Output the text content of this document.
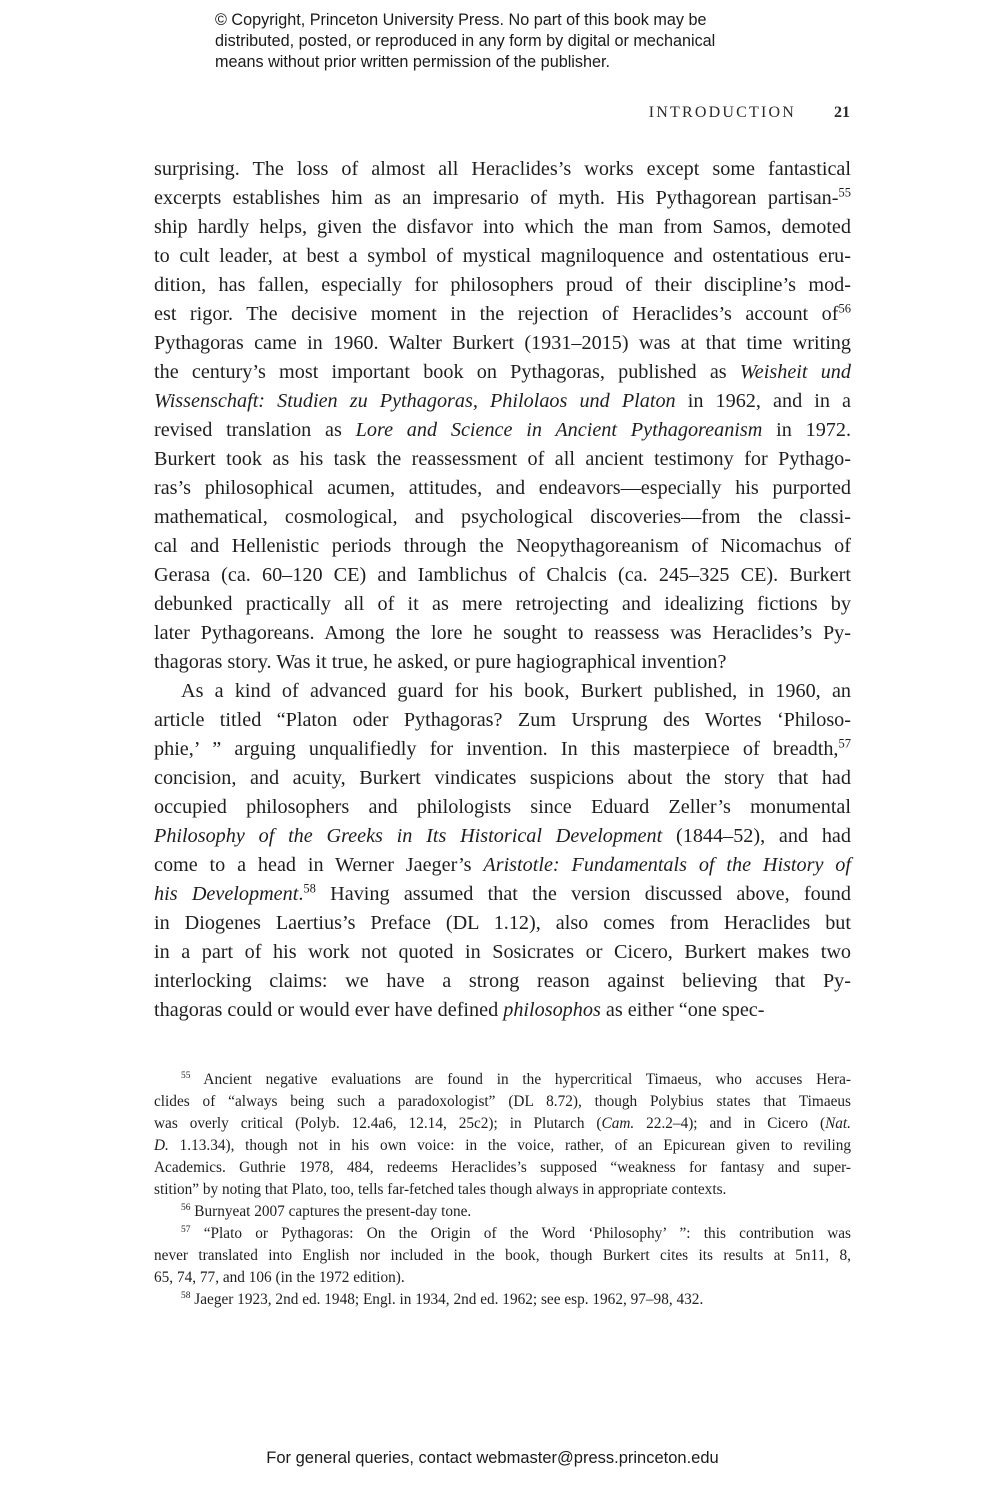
© Copyright, Princeton University Press. No part of this book may be
distributed, posted, or reproduced in any form by digital or mechanical
means without prior written permission of the publisher.
INTRODUCTION 21
surprising. The loss of almost all Heraclides’s works except some fantastical
excerpts establishes him as an impresario of myth. His Pythagorean partisan-$^{55}$
ship hardly helps, given the disfavor into which the man from Samos, demoted
to cult leader, at best a symbol of mystical magniloquence and ostentatious eru-
dition, has fallen, especially for philosophers proud of their discipline’s mod-
est rigor. The decisive moment in the rejection of Heraclides’s account $of^{56}$
Pythagoras came in 1960. Walter Burkert (1931–2015) was at that time writing
the century’s most important book on Pythagoras, published as Weisheit und
Wissenschaft: Studien zu Pythagoras, Philolaos und Platon in 1962, and in a
revised translation as Lore and Science in Ancient Pythagoreanism in 1972.
Burkert took as his task the reassessment of all ancient testimony for Pythago-
ras’s philosophical acumen, attitudes, and endeavors—especially his purported
mathematical, cosmological, and psychological discoveries—from the classi-
cal and Hellenistic periods through the Neopythagoreanism of Nicomachus of
Gerasa (ca. 60–120 CE) and Iamblichus of Chalcis (ca. 245–325 CE). Burkert
debunked practically all of it as mere retrojecting and idealizing fictions by
later Pythagoreans. Among the lore he sought to reassess was Heraclides’s Py-
thagoras story. Was it true, he asked, or pure hagiographical invention?
As a kind of advanced guard for his book, Burkert published, in 1960, an
article titled “Platon oder Pythagoras? Zum Ursprung des Wortes ‘Philoso-
phie,’ ” arguing unqualifiedly for invention. In this masterpiece of breadth,$^{57}$
concision, and acuity, Burkert vindicates suspicions about the story that had
occupied philosophers and philologists since Eduard Zeller’s monumental
Philosophy of the Greeks in Its Historical Development (1844–52), and had
come to a head in Werner Jaeger’s Aristotle: Fundamentals of the History of
his Development.$^{58}$ Having assumed that the version discussed above, found
in Diogenes Laertius’s Preface (DL 1.12), also comes from Heraclides but
in a part of his work not quoted in Sosicrates or Cicero, Burkert makes two
interlocking claims: we have a strong reason against believing that Py-
thagoras could or would ever have defined philosophos as either “one spec-
$^{55}$ Ancient negative evaluations are found in the hypercritical Timaeus, who accuses Hera-
clides of “always being such a paradoxologist” (DL 8.72), though Polybius states that Timaeus
was overly critical (Polyb. 12.4a6, 12.14, 25c2); in Plutarch (Cam. 22.2–4); and in Cicero (Nat.
D. 1.13.34), though not in his own voice: in the voice, rather, of an Epicurean given to reviling
Academics. Guthrie 1978, 484, redeems Heraclides’s supposed “weakness for fantasy and super-
stition” by noting that Plato, too, tells far-fetched tales though always in appropriate contexts.
$^{56}$ Burnyeat 2007 captures the present-day tone.
$^{57}$ “Plato or Pythagoras: On the Origin of the Word ‘Philosophy’ ”: this contribution was
never translated into English nor included in the book, though Burkert cites its results at 5n11, 8,
65, 74, 77, and 106 (in the 1972 edition).
$^{58}$ Jaeger 1923, 2nd ed. 1948; Engl. in 1934, 2nd ed. 1962; see esp. 1962, 97–98, 432.
For general queries, contact webmaster@press.princeton.edu
